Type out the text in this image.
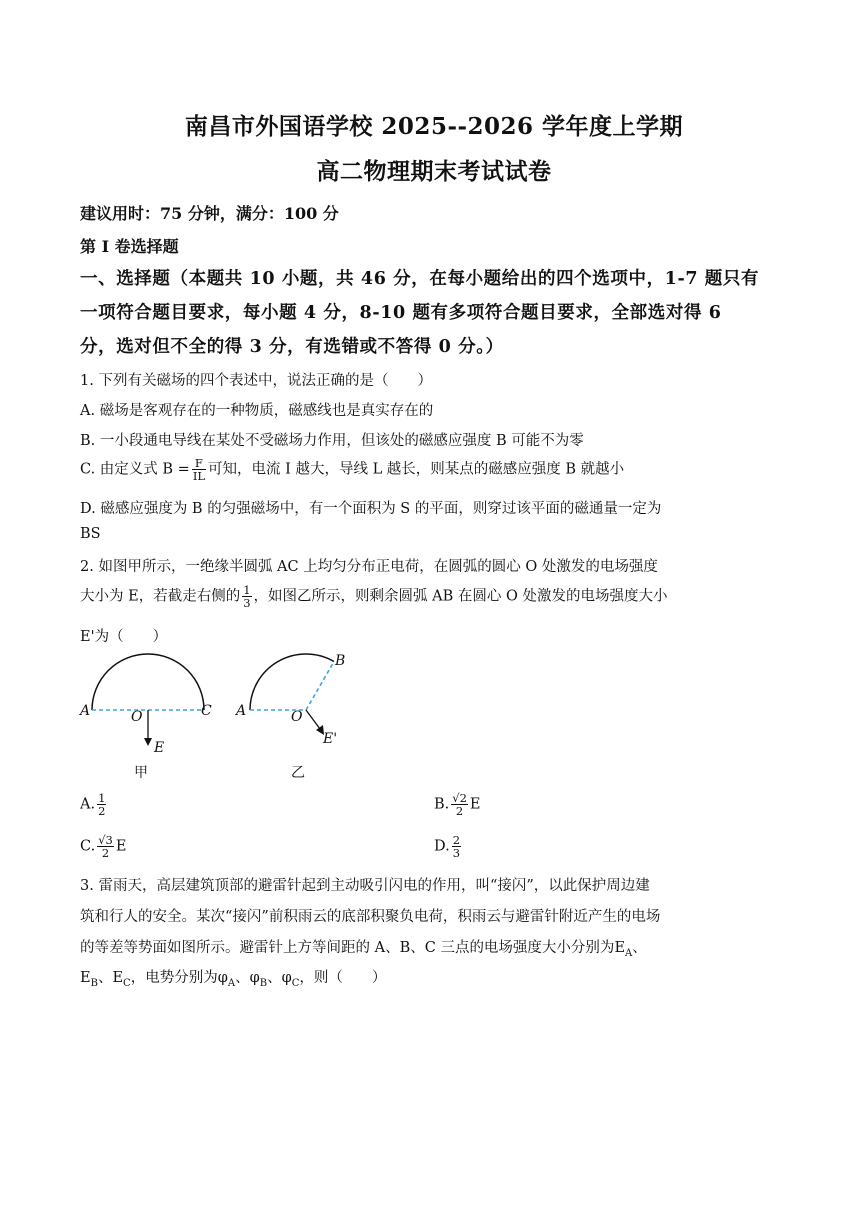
南昌市外国语学校 2025--2026 学年度上学期
高二物理期末考试试卷
建议用时：75 分钟，满分：100 分
第 I 卷选择题
一、选择题（本题共 10 小题，共 46 分，在每小题给出的四个选项中，1-7 题只有
一项符合题目要求，每小题 4 分，8-10 题有多项符合题目要求，全部选对得 6
分，选对但不全的得 3 分，有选错或不答得 0 分。）
1. 下列有关磁场的四个表述中，说法正确的是（　　）
A. 磁场是客观存在的一种物质，磁感线也是真实存在的
B. 一小段通电导线在某处不受磁场力作用，但该处的磁感应强度 B 可能不为零
C. 由定义式 $B = \frac{F}{IL}$ 可知，电流 I 越大，导线 L 越长，则某点的磁感应强度 B 就越小
D. 磁感应强度为 B 的匀强磁场中，有一个面积为 S 的平面，则穿过该平面的磁通量一定为
BS
2. 如图甲所示，一绝缘半圆弧 AC 上均匀分布正电荷，在圆弧的圆心 O 处激发的电场强度
大小为 E，若截走右侧的 $\frac{1}{3}$ ，如图乙所示，则剩余圆弧 AB 在圆心 O 处激发的电场强度大小
E'为（　　）
A	C
O
E
甲
A
B
O
E'
乙
A. $\frac{1}{2}$	B. $\frac{√2}{2}$ E
C. $\frac{√3}{2}$ E	D. $\frac{2}{3}$
3. 雷雨天，高层建筑顶部的避雷针起到主动吸引闪电的作用，叫“接闪”，以此保护周边建
筑和行人的安全。某次“接闪”前积雨云的底部积聚负电荷，积雨云与避雷针附近产生的电场
的等差等势面如图所示。避雷针上方等间距的 A、B、C 三点的电场强度大小分别为$E_A$、
$E_B$、$E_C$，电势分别为$\varphi_A$、$\varphi_B$、$\varphi_C$，则（　　）
